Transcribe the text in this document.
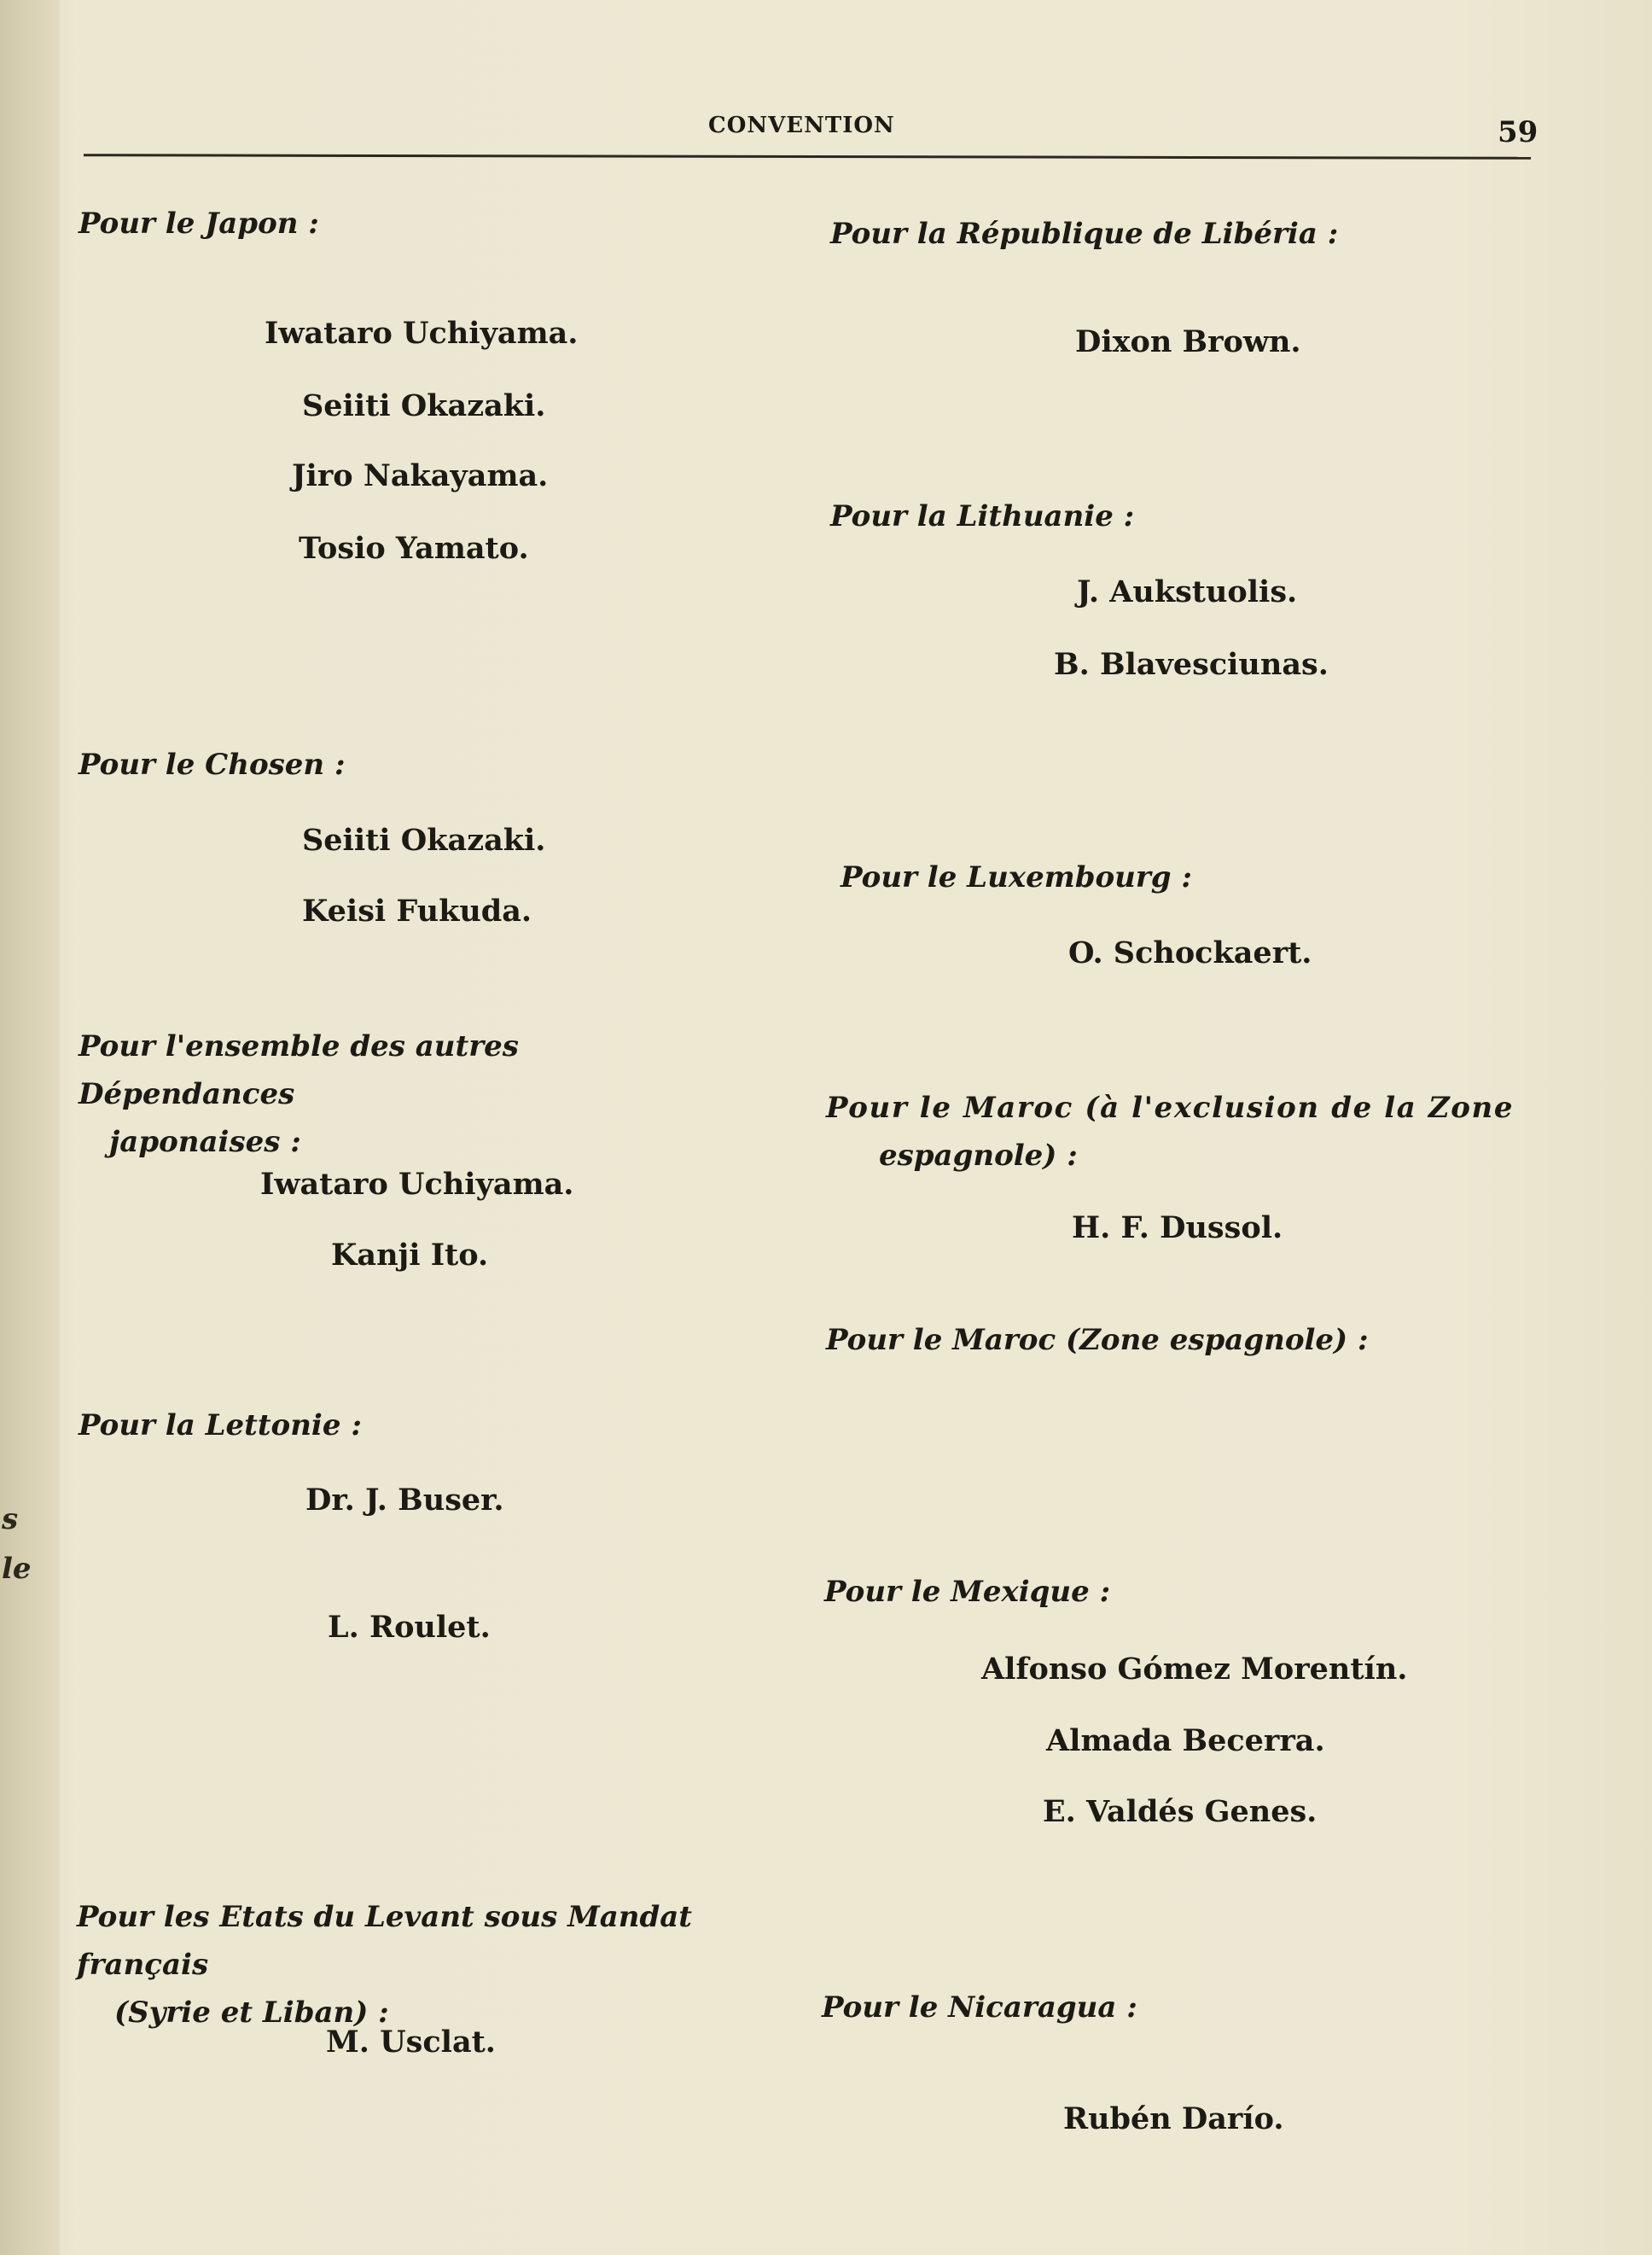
s
le
CONVENTION	59
Pour le Japon :
Iwataro Uchiyama.
Seiiti Okazaki.
Jiro Nakayama.
Tosio Yamato.
Pour le Chosen :
Seiiti Okazaki.
Keisi Fukuda.
Pour l'ensemble des autres Dépendances
japonaises :
Iwataro Uchiyama.
Kanji Ito.
Pour la Lettonie :
Dr. J. Buser.
L. Roulet.
Pour les Etats du Levant sous Mandat français
(Syrie et Liban) :
M. Usclat.
Pour la République de Libéria :
Dixon Brown.
Pour la Lithuanie :
J. Aukstuolis.
B. Blavesciunas.
Pour le Luxembourg :
O. Schockaert.
Pour le Maroc (à l'exclusion de la Zone
espagnole) :
H. F. Dussol.
Pour le Maroc (Zone espagnole) :
Pour le Mexique :
Alfonso Gómez Morentín.
Almada Becerra.
E. Valdés Genes.
Pour le Nicaragua :
Rubén Darío.
